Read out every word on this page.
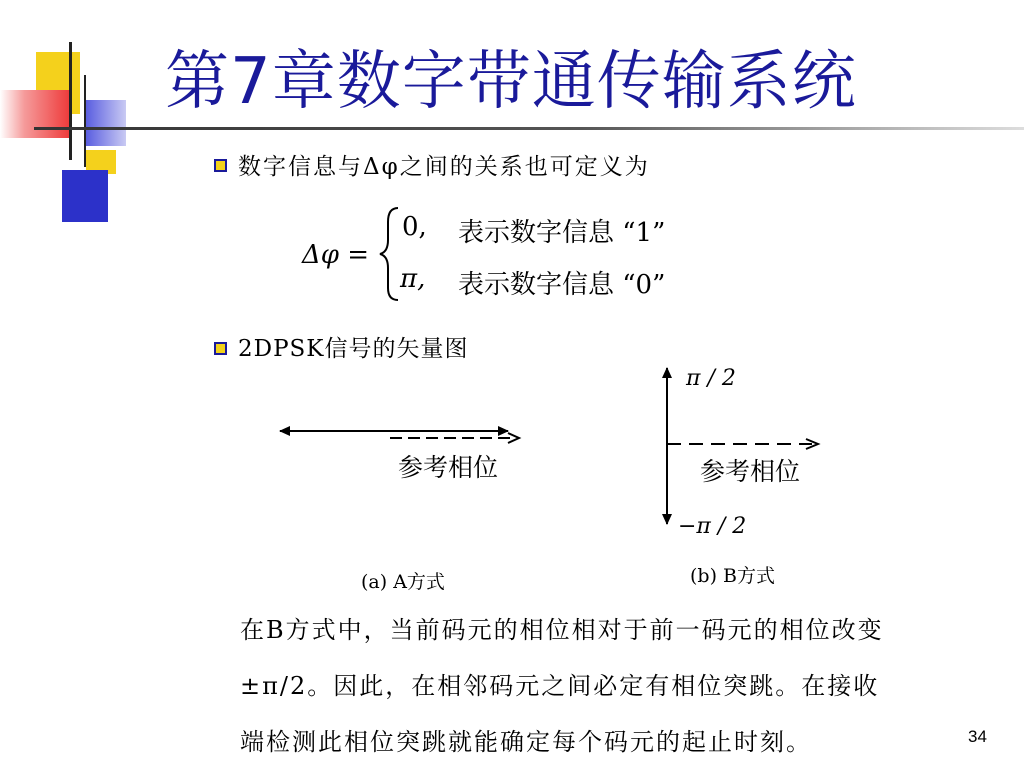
第7章数字带通传输系统
数字信息与Δφ之间的关系也可定义为
Δφ =
0, 表示数字信息 “1”
π, 表示数字信息 “0”
2DPSK信号的矢量图
参考相位
π / 2
参考相位
−π / 2
(a) A方式	(b) B方式
在B方式中，当前码元的相位相对于前一码元的相位改变
±π/2。因此，在相邻码元之间必定有相位突跳。在接收
端检测此相位突跳就能确定每个码元的起止时刻。	34
